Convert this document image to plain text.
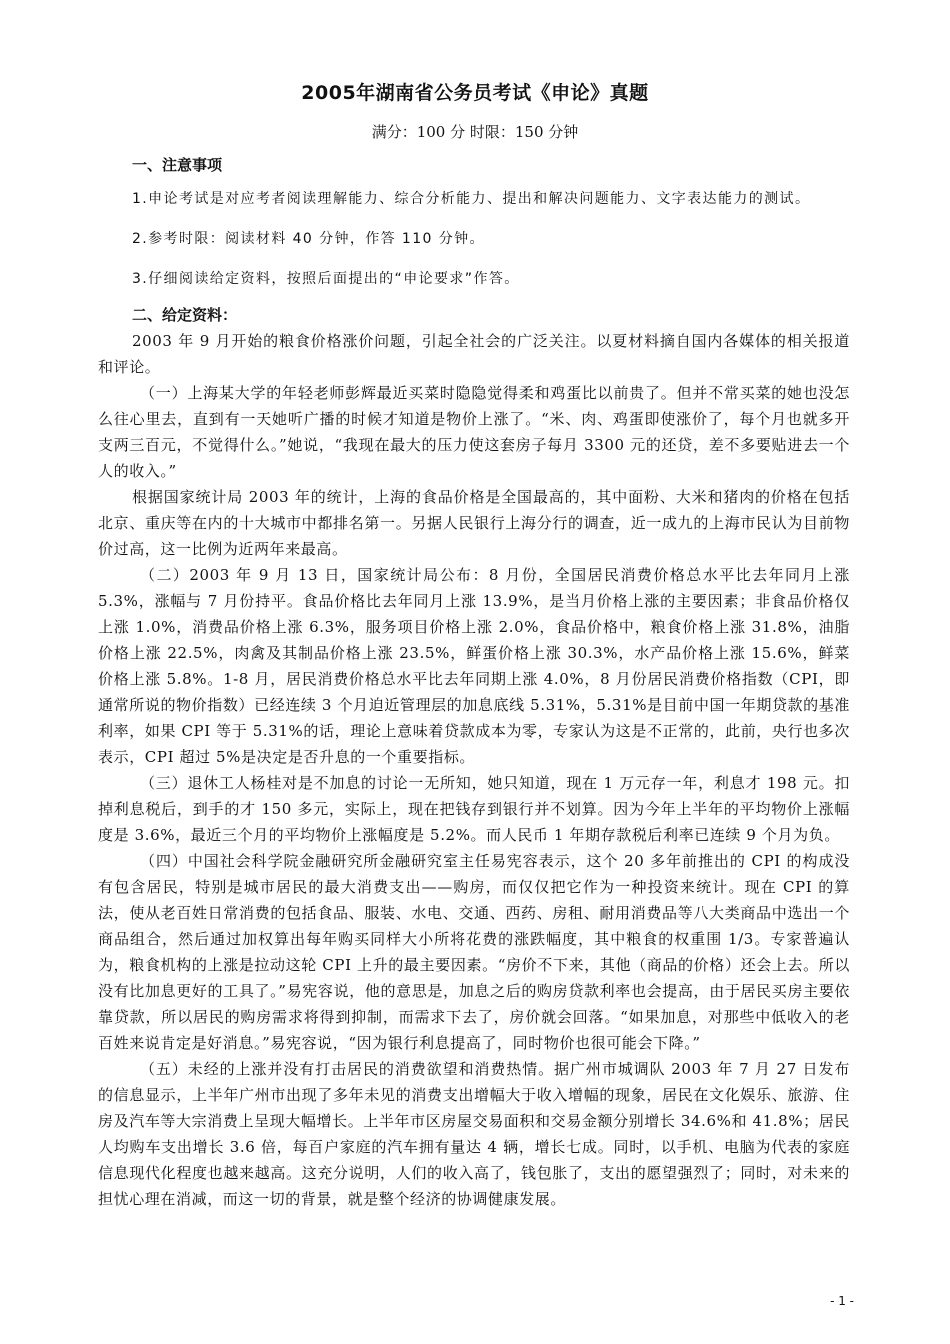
2005年湖南省公务员考试《申论》真题
满分：100 分 时限：150 分钟

一、注意事项

1.申论考试是对应考者阅读理解能力、综合分析能力、提出和解决问题能力、文字表达能力的测试。

2.参考时限：阅读材料 40 分钟，作答 110 分钟。

3.仔细阅读给定资料，按照后面提出的“申论要求”作答。

二、给定资料：

2003 年 9 月开始的粮食价格涨价问题，引起全社会的广泛关注。以夏材料摘自国内各媒体的相关报道和评论。

（一）上海某大学的年轻老师彭辉最近买菜时隐隐觉得柔和鸡蛋比以前贵了。但并不常买菜的她也没怎么往心里去，直到有一天她听广播的时候才知道是物价上涨了。“米、肉、鸡蛋即使涨价了，每个月也就多开支两三百元，不觉得什么。”她说，“我现在最大的压力使这套房子每月 3300 元的还贷，差不多要贴进去一个人的收入。”

根据国家统计局 2003 年的统计，上海的食品价格是全国最高的，其中面粉、大米和猪肉的价格在包括北京、重庆等在内的十大城市中都排名第一。另据人民银行上海分行的调查，近一成九的上海市民认为目前物价过高，这一比例为近两年来最高。

（二）2003 年 9 月 13 日，国家统计局公布：8 月份，全国居民消费价格总水平比去年同月上涨 5.3%，涨幅与 7 月份持平。食品价格比去年同月上涨 13.9%，是当月价格上涨的主要因素；非食品价格仅上涨 1.0%，消费品价格上涨 6.3%，服务项目价格上涨 2.0%，食品价格中，粮食价格上涨 31.8%，油脂价格上涨 22.5%，肉禽及其制品价格上涨 23.5%，鲜蛋价格上涨 30.3%，水产品价格上涨 15.6%，鲜菜价格上涨 5.8%。1-8 月，居民消费价格总水平比去年同期上涨 4.0%，8 月份居民消费价格指数（CPI，即通常所说的物价指数）已经连续 3 个月迫近管理层的加息底线 5.31%，5.31%是目前中国一年期贷款的基准利率，如果 CPI 等于 5.31%的话，理论上意味着贷款成本为零，专家认为这是不正常的，此前，央行也多次表示，CPI 超过 5%是决定是否升息的一个重要指标。

（三）退休工人杨桂对是不加息的讨论一无所知，她只知道，现在 1 万元存一年，利息才 198 元。扣掉利息税后，到手的才 150 多元，实际上，现在把钱存到银行并不划算。因为今年上半年的平均物价上涨幅度是 3.6%，最近三个月的平均物价上涨幅度是 5.2%。而人民币 1 年期存款税后利率已连续 9 个月为负。

（四）中国社会科学院金融研究所金融研究室主任易宪容表示，这个 20 多年前推出的 CPI 的构成没有包含居民，特别是城市居民的最大消费支出——购房，而仅仅把它作为一种投资来统计。现在 CPI 的算法，使从老百姓日常消费的包括食品、服装、水电、交通、西药、房租、耐用消费品等八大类商品中选出一个商品组合，然后通过加权算出每年购买同样大小所将花费的涨跌幅度，其中粮食的权重围 1/3。专家普遍认为，粮食机构的上涨是拉动这轮 CPI 上升的最主要因素。“房价不下来，其他（商品的价格）还会上去。所以没有比加息更好的工具了。”易宪容说，他的意思是，加息之后的购房贷款利率也会提高，由于居民买房主要依靠贷款，所以居民的购房需求将得到抑制，而需求下去了，房价就会回落。“如果加息，对那些中低收入的老百姓来说肯定是好消息。”易宪容说，“因为银行利息提高了，同时物价也很可能会下降。”

（五）未经的上涨并没有打击居民的消费欲望和消费热情。据广州市城调队 2003 年 7 月 27 日发布的信息显示，上半年广州市出现了多年未见的消费支出增幅大于收入增幅的现象，居民在文化娱乐、旅游、住房及汽车等大宗消费上呈现大幅增长。上半年市区房屋交易面积和交易金额分别增长 34.6%和 41.8%；居民人均购车支出增长 3.6 倍，每百户家庭的汽车拥有量达 4 辆，增长七成。同时，以手机、电脑为代表的家庭信息现代化程度也越来越高。这充分说明，人们的收入高了，钱包胀了，支出的愿望强烈了；同时，对未来的担忧心理在消减，而这一切的背景，就是整个经济的协调健康发展。

- 1 -
